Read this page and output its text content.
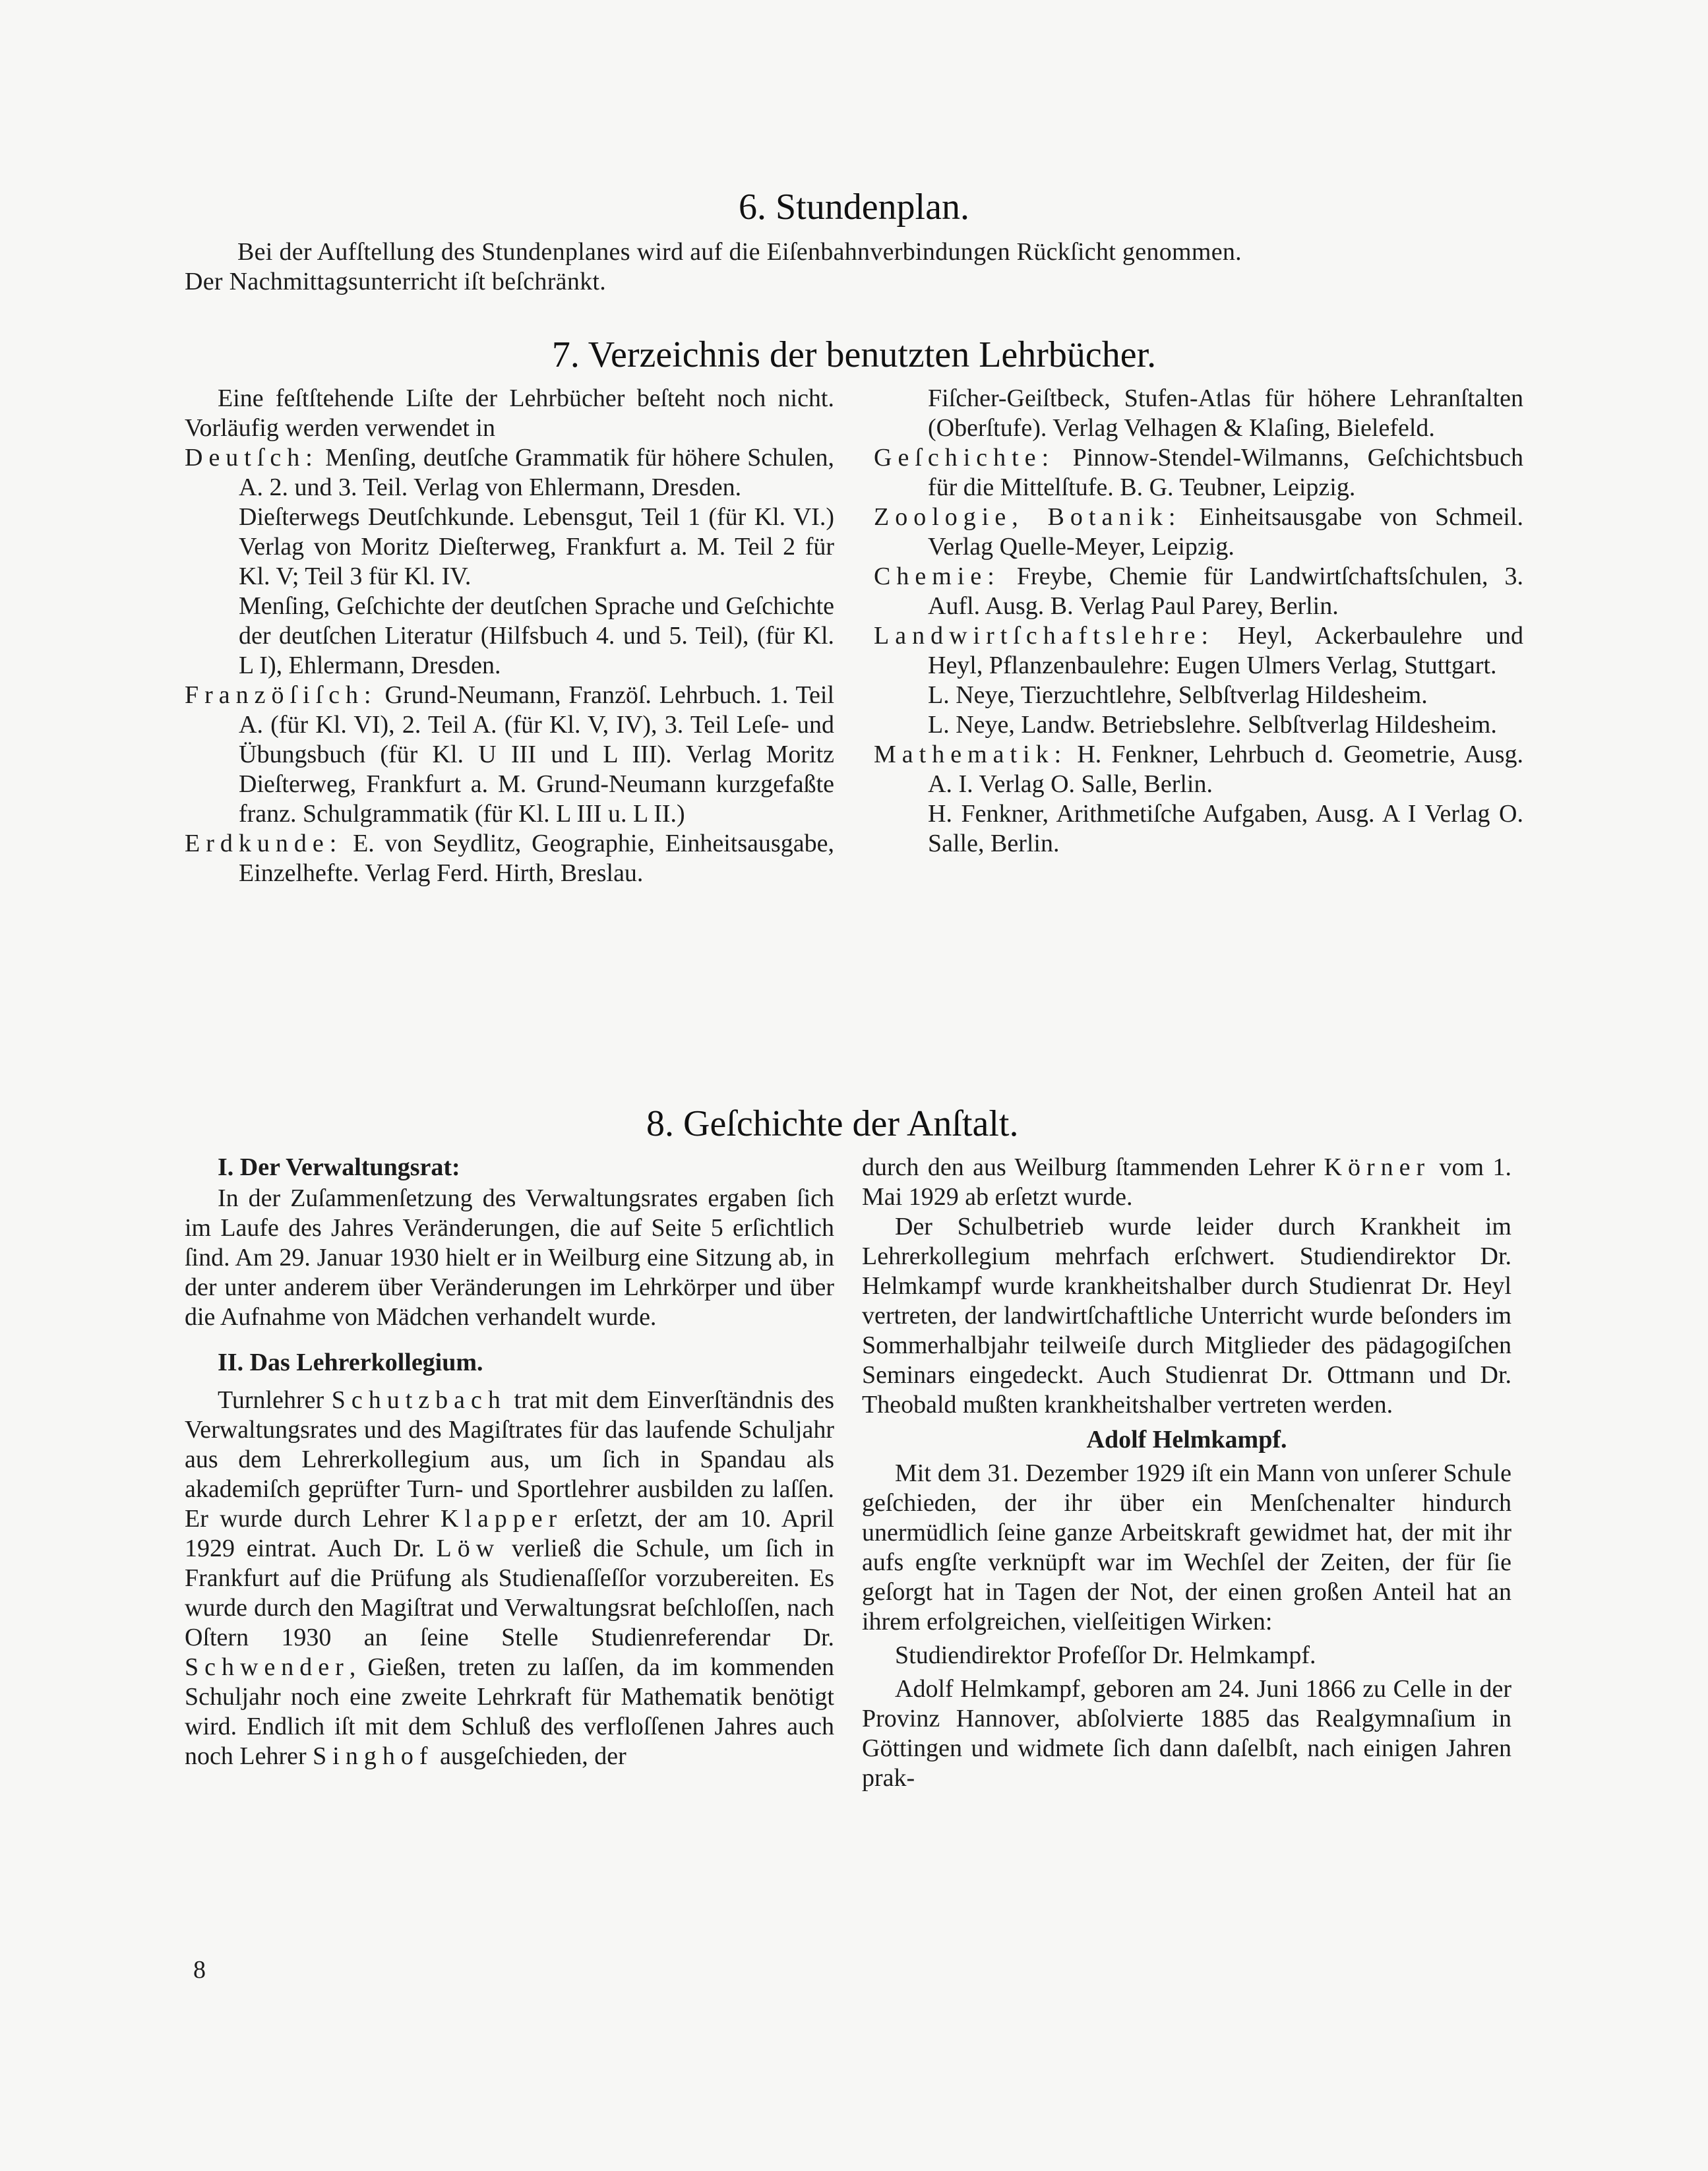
6. Stundenplan.

Bei der Aufſtellung des Stundenplanes wird auf die Eiſenbahnverbindungen Rückſicht genommen.

Der Nachmittagsunterricht iſt beſchränkt.

7. Verzeichnis der benutzten Lehrbücher.

Eine feſtſtehende Liſte der Lehrbücher beſteht noch nicht. Vorläufig werden verwendet in

Deutſch: Menſing, deutſche Grammatik für höhere Schulen, A. 2. und 3. Teil. Verlag von Ehlermann, Dresden.

Dieſterwegs Deutſchkunde. Lebensgut, Teil 1 (für Kl. VI.) Verlag von Moritz Dieſterweg, Frankfurt a. M. Teil 2 für Kl. V; Teil 3 für Kl. IV.

Menſing, Geſchichte der deutſchen Sprache und Geſchichte der deutſchen Literatur (Hilfsbuch 4. und 5. Teil), (für Kl. L I), Ehlermann, Dresden.

Franzöſiſch: Grund-Neumann, Franzöſ. Lehrbuch. 1. Teil A. (für Kl. VI), 2. Teil A. (für Kl. V, IV), 3. Teil Leſe- und Übungsbuch (für Kl. U III und L III). Verlag Moritz Dieſterweg, Frankfurt a. M. Grund-Neumann kurzgefaßte franz. Schulgrammatik (für Kl. L III u. L II.)

Erdkunde: E. von Seydlitz, Geographie, Einheitsausgabe, Einzelhefte. Verlag Ferd. Hirth, Breslau.

Fiſcher-Geiſtbeck, Stufen-Atlas für höhere Lehranſtalten (Oberſtufe). Verlag Velhagen & Klaſing, Bielefeld.

Geſchichte: Pinnow-Stendel-Wilmanns, Geſchichtsbuch für die Mittelſtufe. B. G. Teubner, Leipzig.

Zoologie, Botanik: Einheitsausgabe von Schmeil. Verlag Quelle-Meyer, Leipzig.

Chemie: Freybe, Chemie für Landwirtſchaftsſchulen, 3. Aufl. Ausg. B. Verlag Paul Parey, Berlin.

Landwirtſchaftslehre: Heyl, Ackerbaulehre und Heyl, Pflanzenbaulehre: Eugen Ulmers Verlag, Stuttgart.

L. Neye, Tierzuchtlehre, Selbſtverlag Hildesheim.

L. Neye, Landw. Betriebslehre. Selbſtverlag Hildesheim.

Mathematik: H. Fenkner, Lehrbuch d. Geometrie, Ausg. A. I. Verlag O. Salle, Berlin.

H. Fenkner, Arithmetiſche Aufgaben, Ausg. A I Verlag O. Salle, Berlin.

8. Geſchichte der Anſtalt.

I. Der Verwaltungsrat:

In der Zuſammenſetzung des Verwaltungsrates ergaben ſich im Laufe des Jahres Veränderungen, die auf Seite 5 erſichtlich ſind. Am 29. Januar 1930 hielt er in Weilburg eine Sitzung ab, in der unter anderem über Veränderungen im Lehrkörper und über die Aufnahme von Mädchen verhandelt wurde.

II. Das Lehrerkollegium.

Turnlehrer Schutzbach trat mit dem Einverſtändnis des Verwaltungsrates und des Magiſtrates für das laufende Schuljahr aus dem Lehrerkollegium aus, um ſich in Spandau als akademiſch geprüfter Turn- und Sportlehrer ausbilden zu laſſen. Er wurde durch Lehrer Klapper erſetzt, der am 10. April 1929 eintrat. Auch Dr. Löw verließ die Schule, um ſich in Frankfurt auf die Prüfung als Studienaſſeſſor vorzubereiten. Es wurde durch den Magiſtrat und Verwaltungsrat beſchloſſen, nach Oſtern 1930 an ſeine Stelle Studienreferendar Dr. Schwender, Gießen, treten zu laſſen, da im kommenden Schuljahr noch eine zweite Lehrkraft für Mathematik benötigt wird. Endlich iſt mit dem Schluß des verfloſſenen Jahres auch noch Lehrer Singhof ausgeſchieden, der

durch den aus Weilburg ſtammenden Lehrer Körner vom 1. Mai 1929 ab erſetzt wurde.

Der Schulbetrieb wurde leider durch Krankheit im Lehrerkollegium mehrfach erſchwert. Studiendirektor Dr. Helmkampf wurde krankheitshalber durch Studienrat Dr. Heyl vertreten, der landwirtſchaftliche Unterricht wurde beſonders im Sommerhalbjahr teilweiſe durch Mitglieder des pädagogiſchen Seminars eingedeckt. Auch Studienrat Dr. Ottmann und Dr. Theobald mußten krankheitshalber vertreten werden.

Adolf Helmkampf.

Mit dem 31. Dezember 1929 iſt ein Mann von unſerer Schule geſchieden, der ihr über ein Menſchenalter hindurch unermüdlich ſeine ganze Arbeitskraft gewidmet hat, der mit ihr aufs engſte verknüpft war im Wechſel der Zeiten, der für ſie geſorgt hat in Tagen der Not, der einen großen Anteil hat an ihrem erfolgreichen, vielſeitigen Wirken:

Studiendirektor Profeſſor Dr. Helmkampf.

Adolf Helmkampf, geboren am 24. Juni 1866 zu Celle in der Provinz Hannover, abſolvierte 1885 das Realgymnaſium in Göttingen und widmete ſich dann daſelbſt, nach einigen Jahren prak-

8
